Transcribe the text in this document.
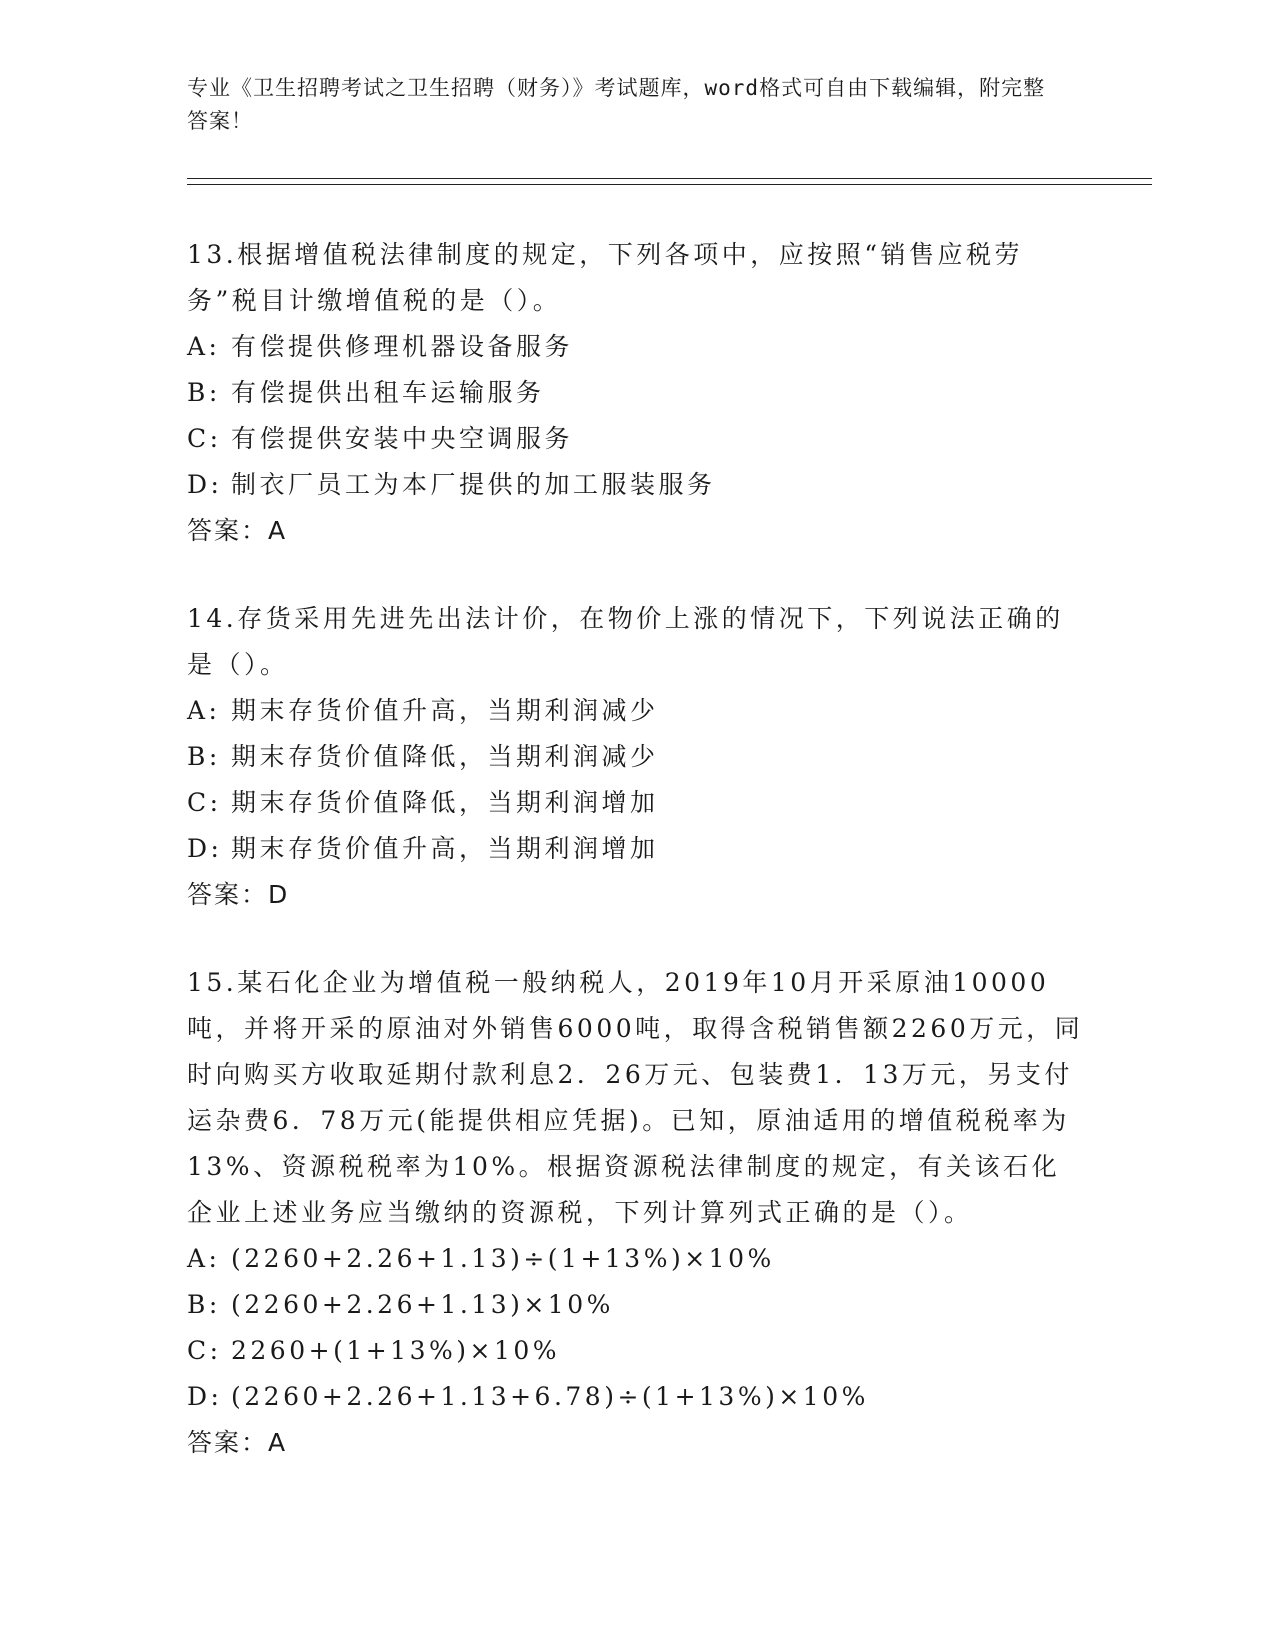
专业《卫生招聘考试之卫生招聘（财务）》考试题库，word格式可自由下载编辑，附完整答案！

13.根据增值税法律制度的规定，下列各项中，应按照“销售应税劳务”税目计缴增值税的是（）。

A: 有偿提供修理机器设备服务

B: 有偿提供出租车运输服务

C: 有偿提供安装中央空调服务

D: 制衣厂员工为本厂提供的加工服装服务

答案：A

14.存货采用先进先出法计价，在物价上涨的情况下，下列说法正确的是（）。

A: 期末存货价值升高，当期利润减少

B: 期末存货价值降低，当期利润减少

C: 期末存货价值降低，当期利润增加

D: 期末存货价值升高，当期利润增加

答案：D

15.某石化企业为增值税一般纳税人，2019年10月开采原油10000吨，并将开采的原油对外销售6000吨，取得含税销售额2260万元，同时向购买方收取延期付款利息2．26万元、包装费1．13万元，另支付运杂费6．78万元(能提供相应凭据)。已知，原油适用的增值税税率为13%、资源税税率为10%。根据资源税法律制度的规定，有关该石化企业上述业务应当缴纳的资源税，下列计算列式正确的是（）。

A: (2260+2.26+1.13)÷(1+13%)×10%

B: (2260+2.26+1.13)×10%

C: 2260+(1+13%)×10%

D: (2260+2.26+1.13+6.78)÷(1+13%)×10%

答案：A
